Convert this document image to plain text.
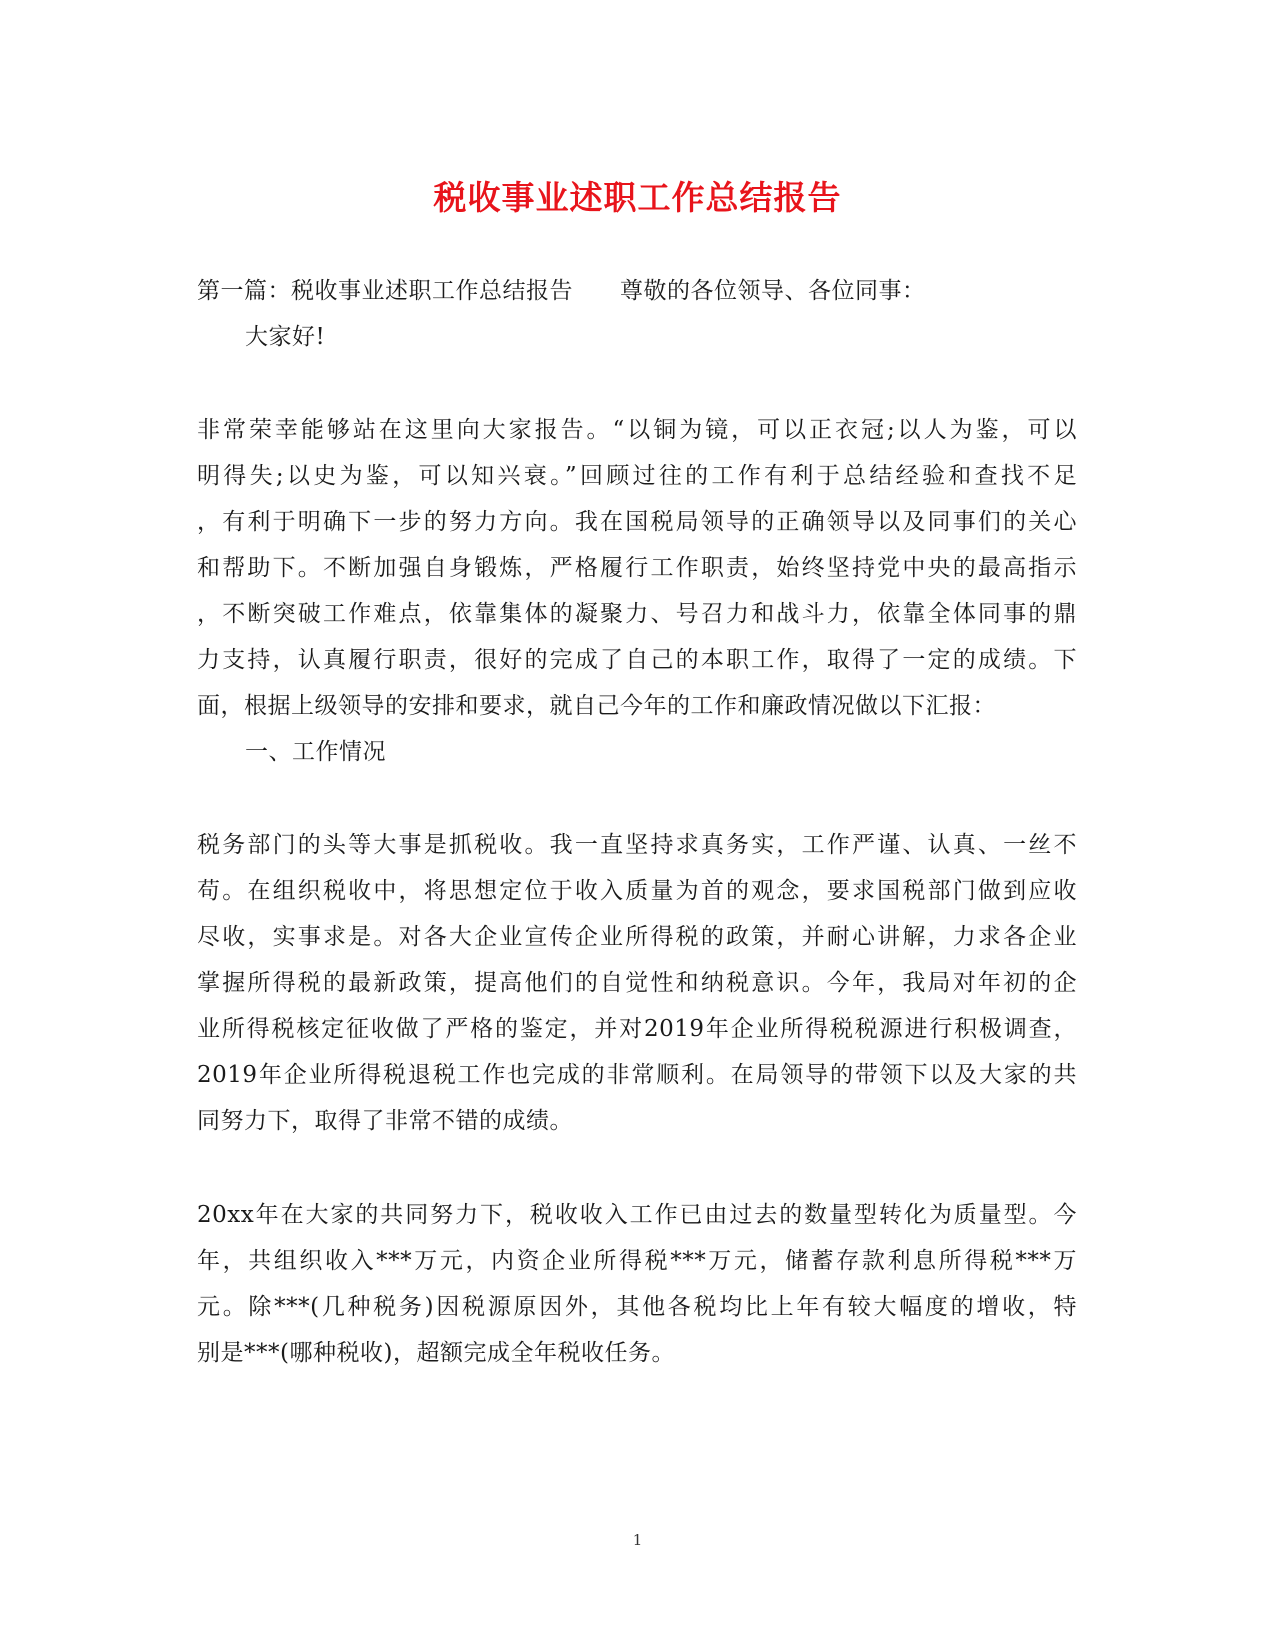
税收事业述职工作总结报告
第一篇：税收事业述职工作总结报告　　尊敬的各位领导、各位同事：
大家好!
非常荣幸能够站在这里向大家报告。“以铜为镜，可以正衣冠;以人为鉴，可以
明得失;以史为鉴，可以知兴衰。”回顾过往的工作有利于总结经验和查找不足
，有利于明确下一步的努力方向。我在国税局领导的正确领导以及同事们的关心
和帮助下。不断加强自身锻炼，严格履行工作职责，始终坚持党中央的最高指示
，不断突破工作难点，依靠集体的凝聚力、号召力和战斗力，依靠全体同事的鼎
力支持，认真履行职责，很好的完成了自己的本职工作，取得了一定的成绩。下
面，根据上级领导的安排和要求，就自己今年的工作和廉政情况做以下汇报：
一、工作情况
税务部门的头等大事是抓税收。我一直坚持求真务实，工作严谨、认真、一丝不
苟。在组织税收中，将思想定位于收入质量为首的观念，要求国税部门做到应收
尽收，实事求是。对各大企业宣传企业所得税的政策，并耐心讲解，力求各企业
掌握所得税的最新政策，提高他们的自觉性和纳税意识。今年，我局对年初的企
业所得税核定征收做了严格的鉴定，并对2019年企业所得税税源进行积极调查，
2019年企业所得税退税工作也完成的非常顺利。在局领导的带领下以及大家的共
同努力下，取得了非常不错的成绩。
20xx年在大家的共同努力下，税收收入工作已由过去的数量型转化为质量型。今
年，共组织收入***万元，内资企业所得税***万元，储蓄存款利息所得税***万
元。除***(几种税务)因税源原因外，其他各税均比上年有较大幅度的增收，特
别是***(哪种税收)，超额完成全年税收任务。
1
